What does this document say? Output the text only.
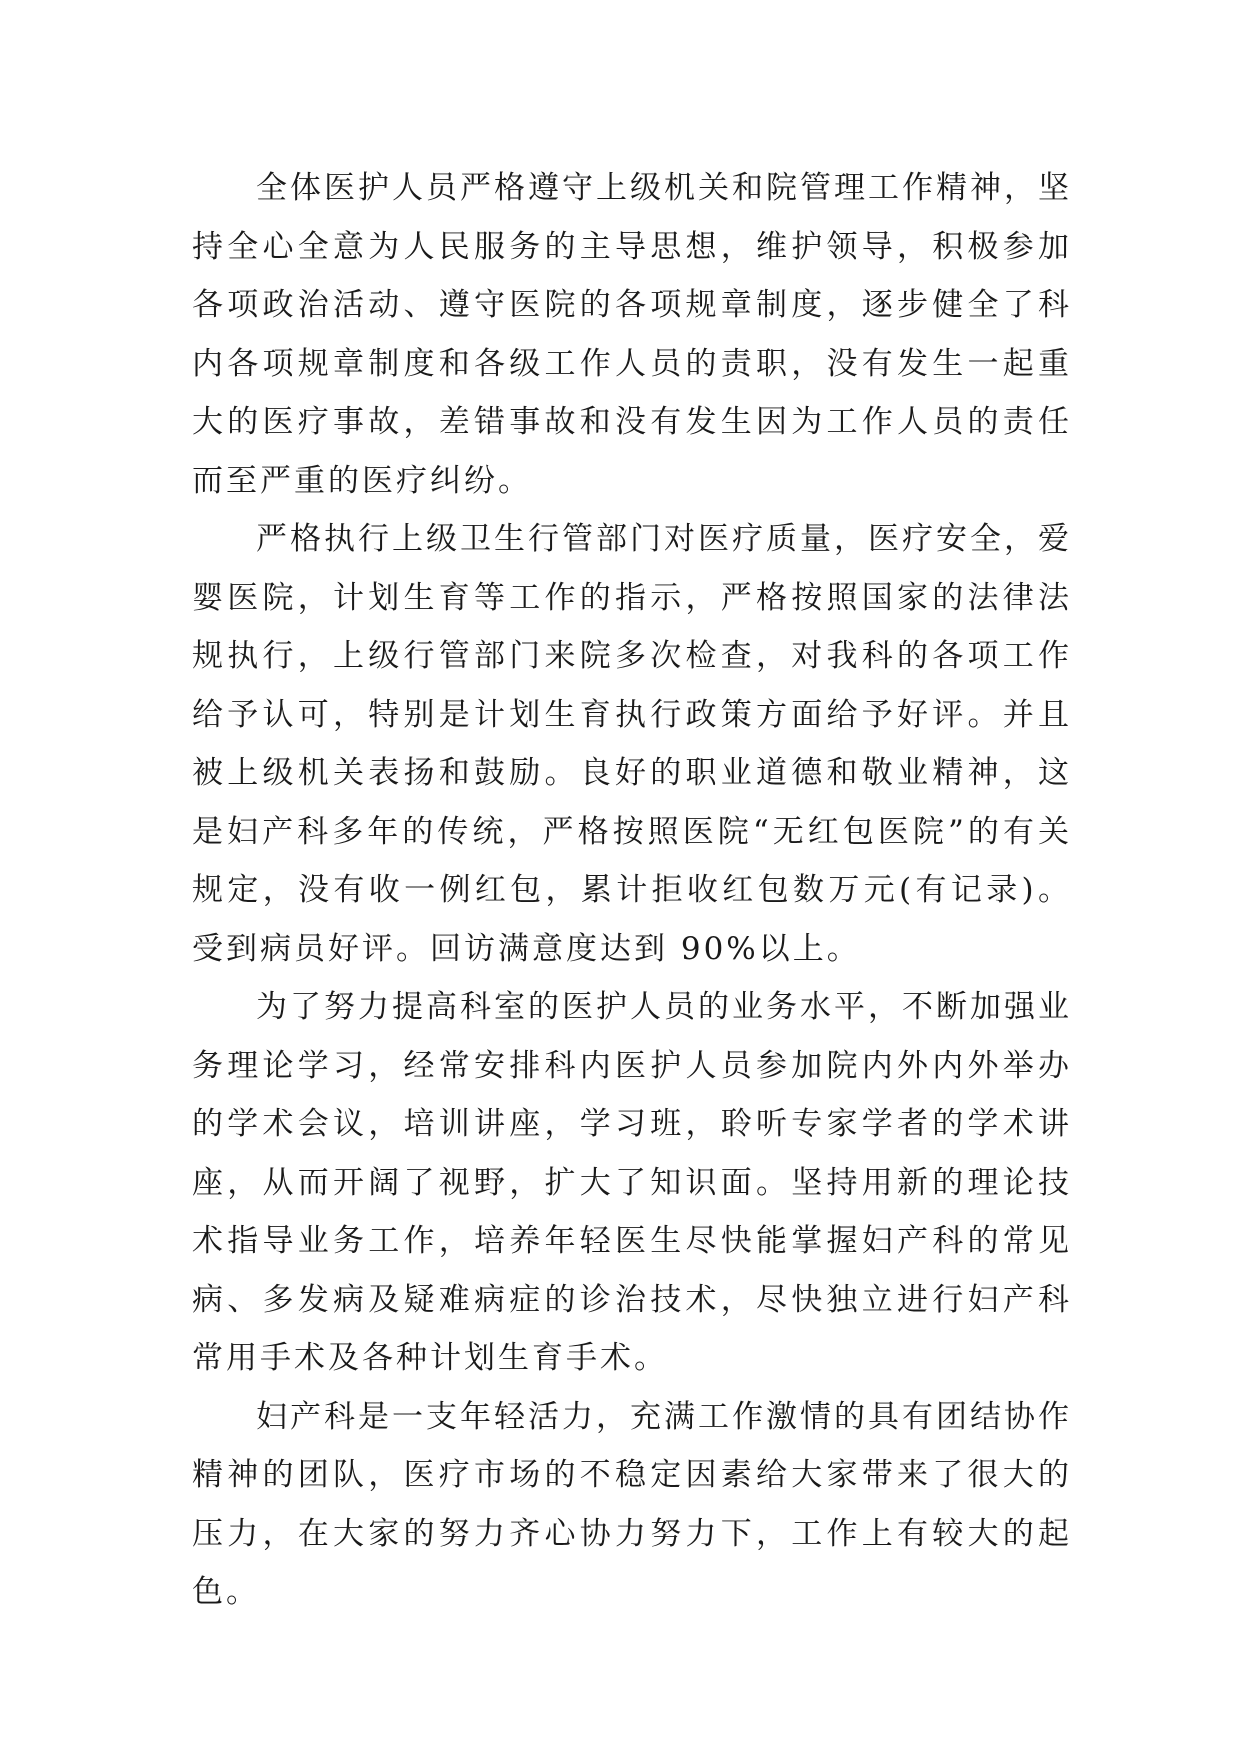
全体医护人员严格遵守上级机关和院管理工作精神，坚持全心全意为人民服务的主导思想，维护领导，积极参加各项政治活动、遵守医院的各项规章制度，逐步健全了科内各项规章制度和各级工作人员的责职，没有发生一起重大的医疗事故，差错事故和没有发生因为工作人员的责任而至严重的医疗纠纷。

严格执行上级卫生行管部门对医疗质量，医疗安全，爱婴医院，计划生育等工作的指示，严格按照国家的法律法规执行，上级行管部门来院多次检查，对我科的各项工作给予认可，特别是计划生育执行政策方面给予好评。并且被上级机关表扬和鼓励。良好的职业道德和敬业精神，这是妇产科多年的传统，严格按照医院“无红包医院”的有关规定，没有收一例红包，累计拒收红包数万元(有记录)。受到病员好评。回访满意度达到 90%以上。

为了努力提高科室的医护人员的业务水平，不断加强业务理论学习，经常安排科内医护人员参加院内外内外举办的学术会议，培训讲座，学习班，聆听专家学者的学术讲座，从而开阔了视野，扩大了知识面。坚持用新的理论技术指导业务工作，培养年轻医生尽快能掌握妇产科的常见病、多发病及疑难病症的诊治技术，尽快独立进行妇产科常用手术及各种计划生育手术。

妇产科是一支年轻活力，充满工作激情的具有团结协作精神的团队，医疗市场的不稳定因素给大家带来了很大的压力，在大家的努力齐心协力努力下，工作上有较大的起色。
